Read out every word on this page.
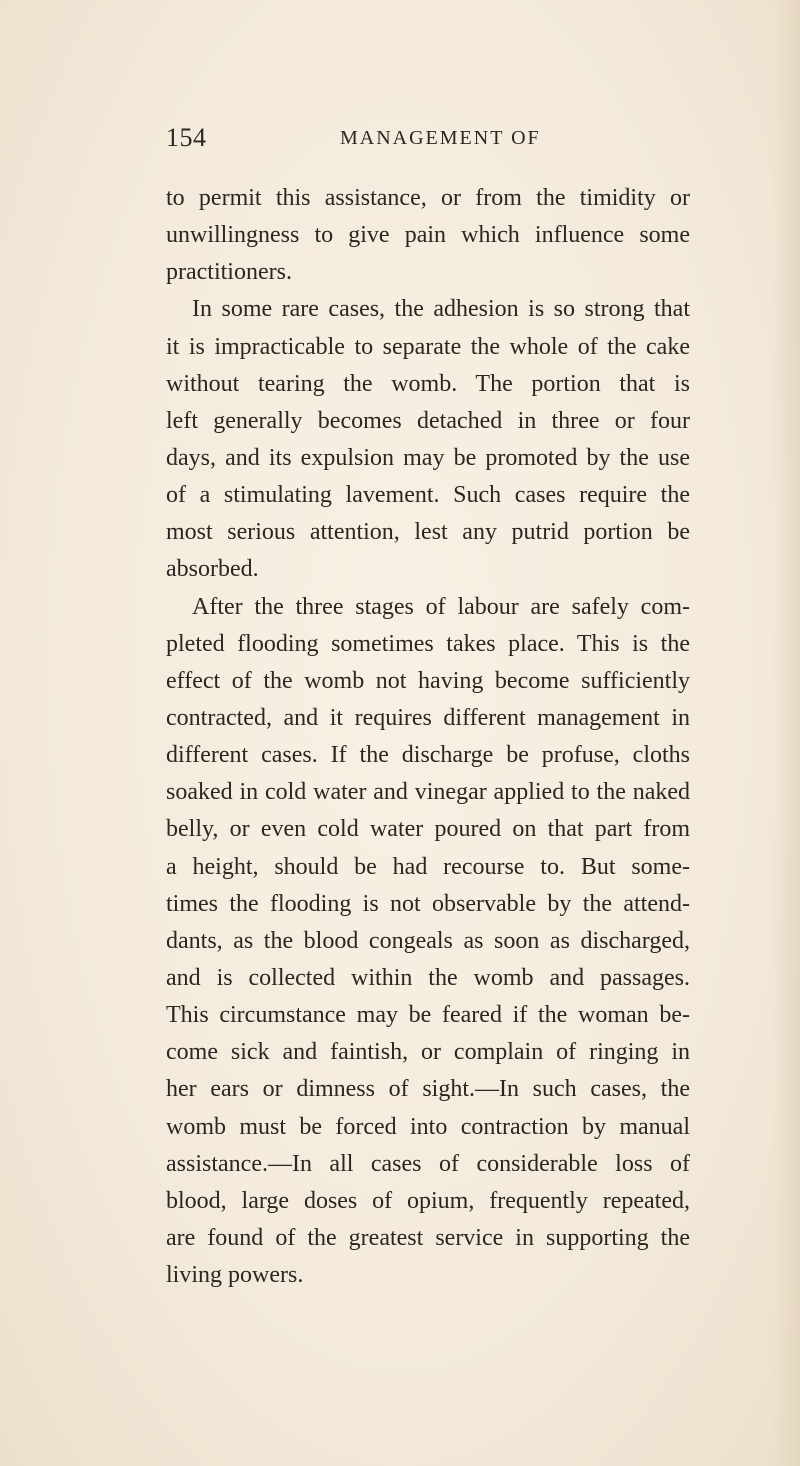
154	MANAGEMENT OF
to permit this assistance, or from the timidity or
unwillingness to give pain which influence some
practitioners.
In some rare cases, the adhesion is so strong that
it is impracticable to separate the whole of the cake
without tearing the womb. The portion that is
left generally becomes detached in three or four
days, and its expulsion may be promoted by the use
of a stimulating lavement. Such cases require the
most serious attention, lest any putrid portion be
absorbed.
After the three stages of labour are safely com-
pleted flooding sometimes takes place. This is the
effect of the womb not having become sufficiently
contracted, and it requires different management in
different cases. If the discharge be profuse, cloths
soaked in cold water and vinegar applied to the naked
belly, or even cold water poured on that part from
a height, should be had recourse to. But some-
times the flooding is not observable by the attend-
dants, as the blood congeals as soon as discharged,
and is collected within the womb and passages.
This circumstance may be feared if the woman be-
come sick and faintish, or complain of ringing in
her ears or dimness of sight.—In such cases, the
womb must be forced into contraction by manual
assistance.—In all cases of considerable loss of
blood, large doses of opium, frequently repeated,
are found of the greatest service in supporting the
living powers.
